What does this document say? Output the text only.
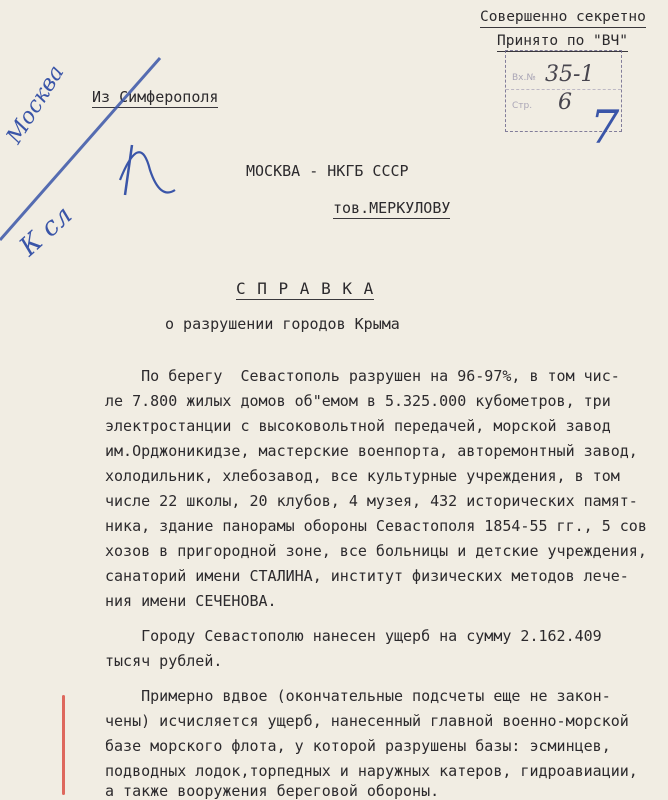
Совершенно секретно
Принято по "ВЧ"
Вх.№
Стр.
35-1
6 7
Из Симферополя
Москва
К сл
МОСКВА - НКГБ СССР
тов.МЕРКУЛОВУ
С П Р А В К А
о разрушении городов Крыма
По берегу  Севастополь разрушен на 96-97%, в том чис-
ле 7.800 жилых домов об"емом в 5.325.000 кубометров, три
электростанции с высоковольтной передачей, морской завод
им.Орджоникидзе, мастерские военпорта, авторемонтный завод,
холодильник, хлебозавод, все культурные учреждения, в том
числе 22 школы, 20 клубов, 4 музея, 432 исторических памят-
ника, здание панорамы обороны Севастополя 1854-55 гг., 5 сов
хозов в пригородной зоне, все больницы и детские учреждения,
санаторий имени СТАЛИНА, институт физических методов лече-
ния имени СЕЧЕНОВА.
Городу Севастополю нанесен ущерб на сумму 2.162.409
тысяч рублей.
Примерно вдвое (окончательные подсчеты еще не закон-
чены) исчисляется ущерб, нанесенный главной военно-морской
базе морского флота, у которой разрушены базы: эсминцев,
подводных лодок,торпедных и наружных катеров, гидроавиации,
а также вооружения береговой обороны.
